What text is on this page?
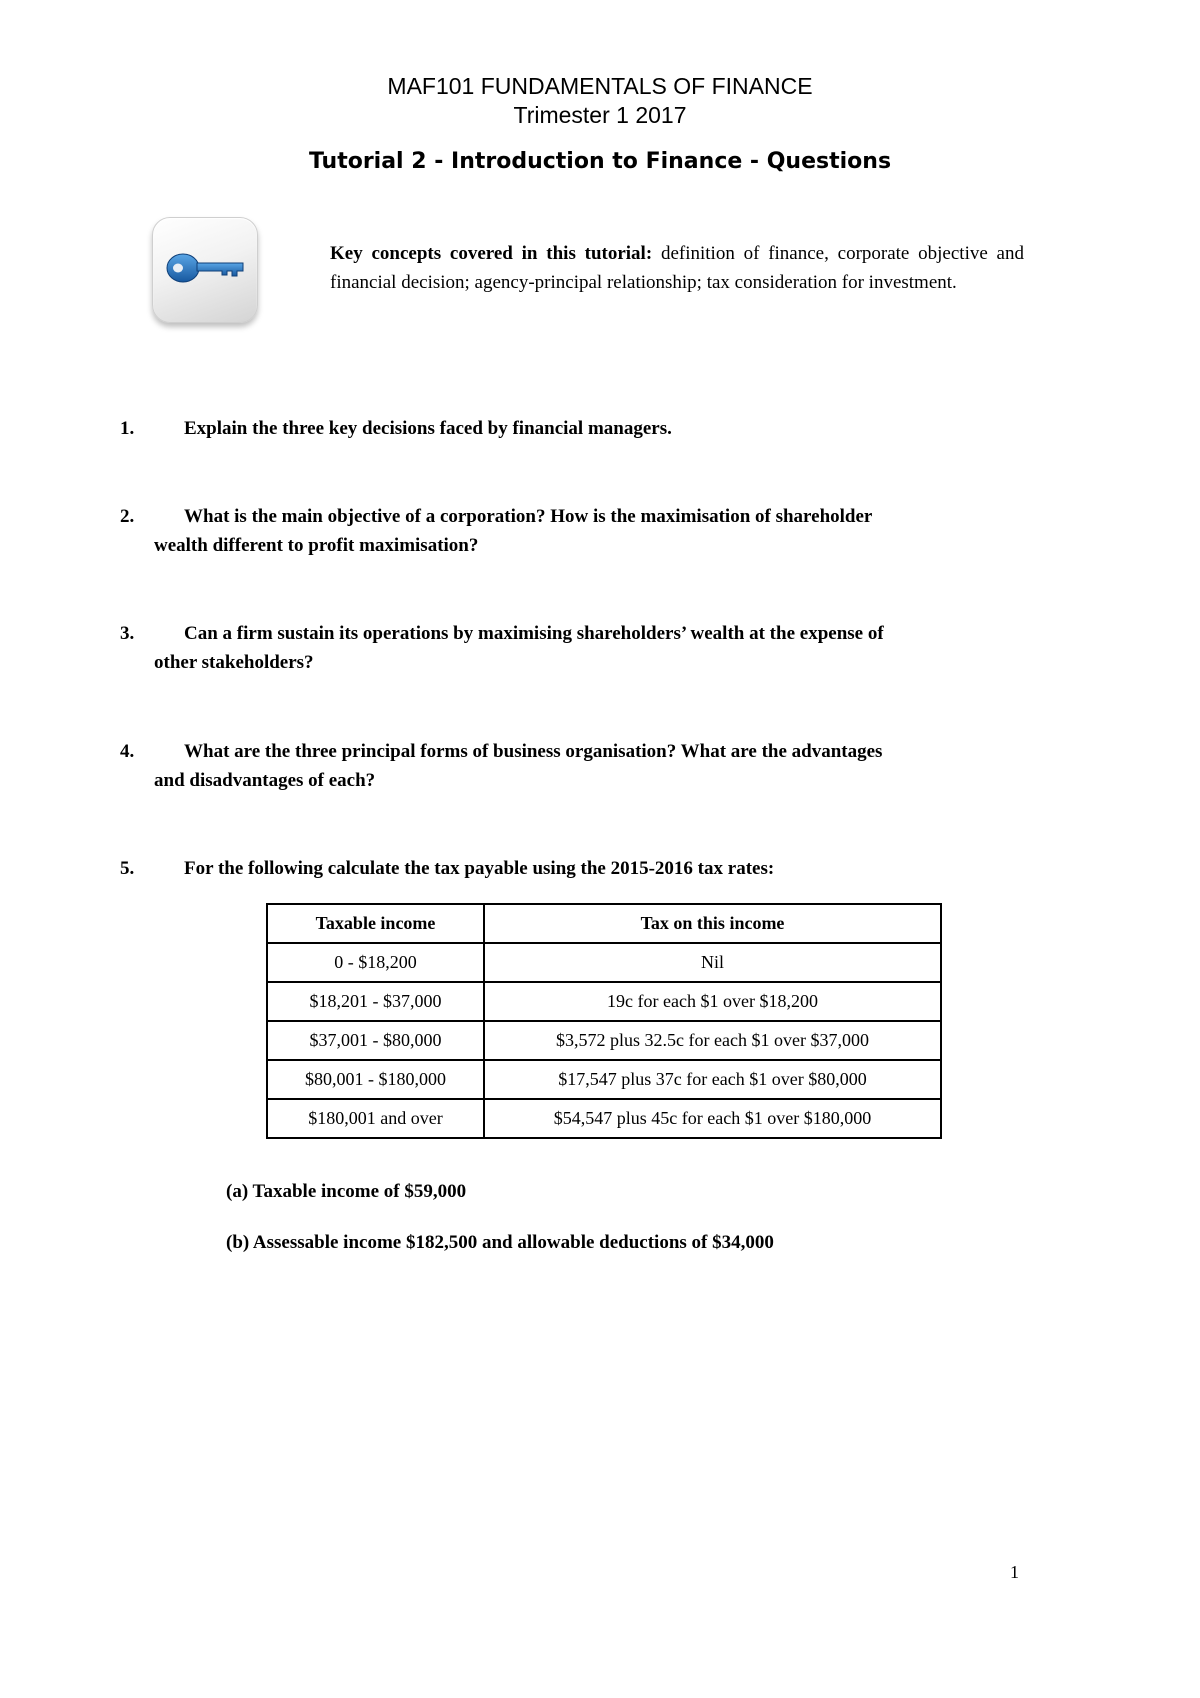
MAF101 FUNDAMENTALS OF FINANCE
Trimester 1 2017
Tutorial 2 - Introduction to Finance - Questions
Key concepts covered in this tutorial: definition of finance, corporate objective and financial decision; agency-principal relationship; tax consideration for investment.
1.	Explain the three key decisions faced by financial managers.
2.	What is the main objective of a corporation? How is the maximisation of shareholder
wealth different to profit maximisation?
3.	Can a firm sustain its operations by maximising shareholders’ wealth at the expense of
other stakeholders?
4.	What are the three principal forms of business organisation? What are the advantages
and disadvantages of each?
5.	For the following calculate the tax payable using the 2015-2016 tax rates:
Taxable income	Tax on this income
0 - $18,200	Nil
$18,201 - $37,000	19c for each $1 over $18,200
$37,001 - $80,000	$3,572 plus 32.5c for each $1 over $37,000
$80,001 - $180,000	$17,547 plus 37c for each $1 over $80,000
$180,001 and over	$54,547 plus 45c for each $1 over $180,000
(a) Taxable income of $59,000
(b) Assessable income $182,500 and allowable deductions of $34,000
1
